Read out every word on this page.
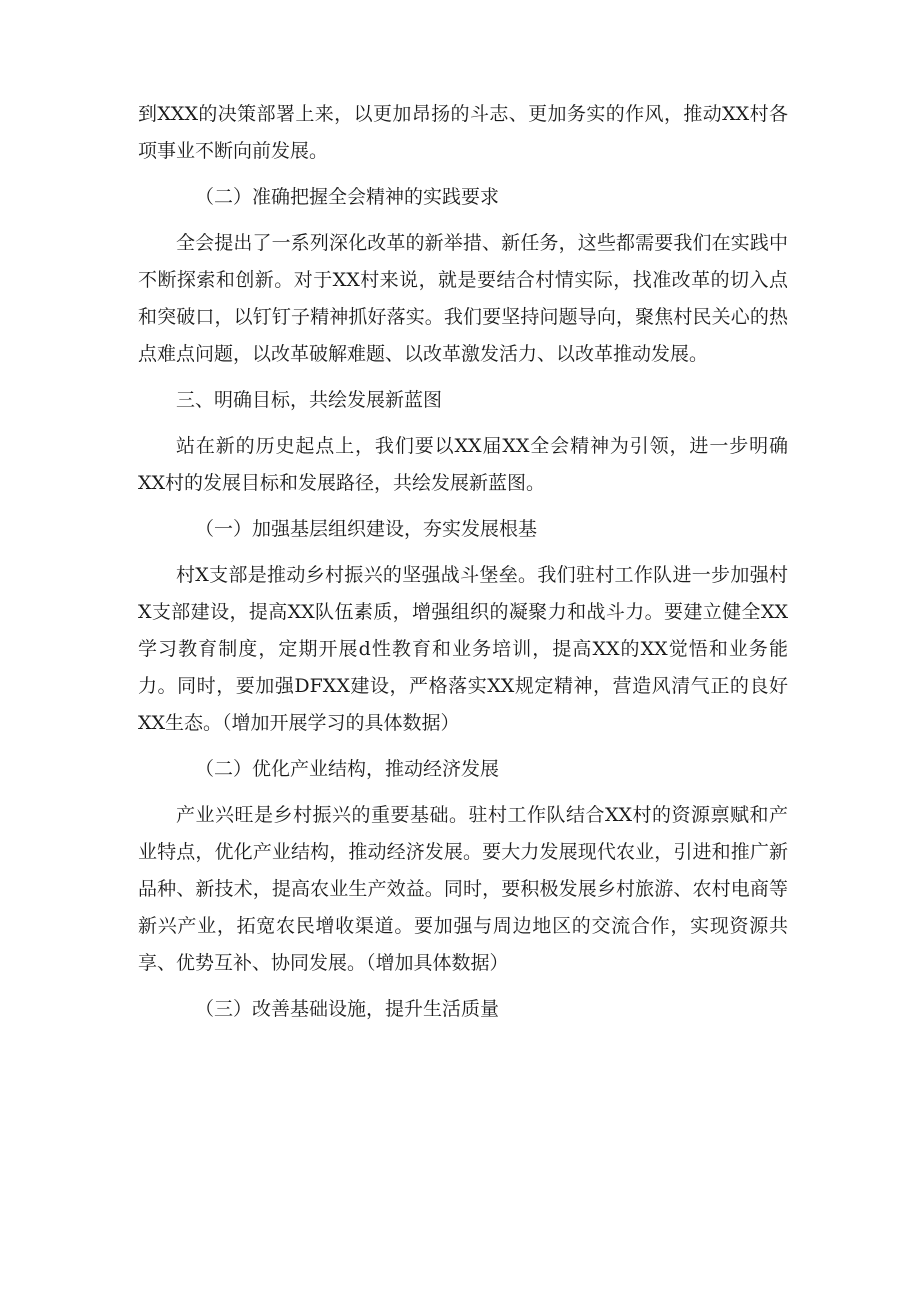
到XXX的决策部署上来，以更加昂扬的斗志、更加务实的作风，推动XX村各项事业不断向前发展。

（二）准确把握全会精神的实践要求

全会提出了一系列深化改革的新举措、新任务，这些都需要我们在实践中不断探索和创新。对于XX村来说，就是要结合村情实际，找准改革的切入点和突破口，以钉钉子精神抓好落实。我们要坚持问题导向，聚焦村民关心的热点难点问题，以改革破解难题、以改革激发活力、以改革推动发展。

三、明确目标，共绘发展新蓝图

站在新的历史起点上，我们要以XX届XX全会精神为引领，进一步明确XX村的发展目标和发展路径，共绘发展新蓝图。

（一）加强基层组织建设，夯实发展根基

村X支部是推动乡村振兴的坚强战斗堡垒。我们驻村工作队进一步加强村X支部建设，提高XX队伍素质，增强组织的凝聚力和战斗力。要建立健全XX学习教育制度，定期开展d性教育和业务培训，提高XX的XX觉悟和业务能力。同时，要加强DFXX建设，严格落实XX规定精神，营造风清气正的良好XX生态。（增加开展学习的具体数据）

（二）优化产业结构，推动经济发展

产业兴旺是乡村振兴的重要基础。驻村工作队结合XX村的资源禀赋和产业特点，优化产业结构，推动经济发展。要大力发展现代农业，引进和推广新品种、新技术，提高农业生产效益。同时，要积极发展乡村旅游、农村电商等新兴产业，拓宽农民增收渠道。要加强与周边地区的交流合作，实现资源共享、优势互补、协同发展。（增加具体数据）

（三）改善基础设施，提升生活质量
